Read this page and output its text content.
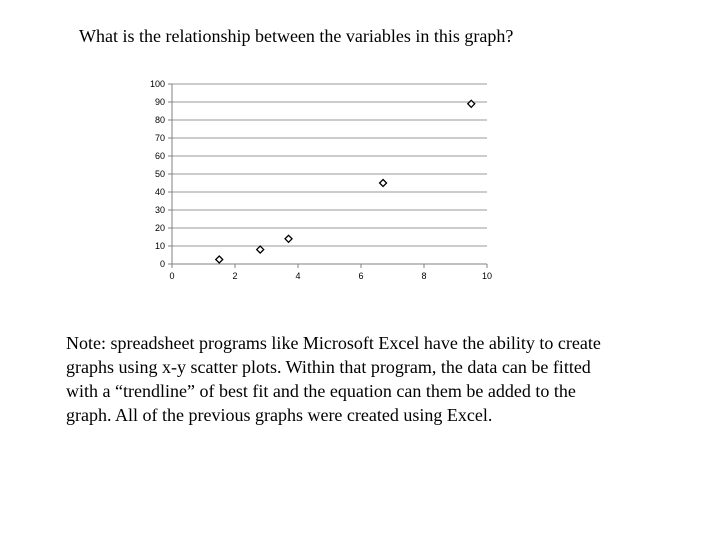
What is the relationship between the variables in this graph?
0
10
20
30
40
50
60
70
80
90
100
0	2	4	6	8	10
Note: spreadsheet programs like Microsoft Excel have the ability to create graphs using x-y scatter plots. Within that program, the data can be fitted with a “trendline” of best fit and the equation can them be added to the graph. All of the previous graphs were created using Excel.
